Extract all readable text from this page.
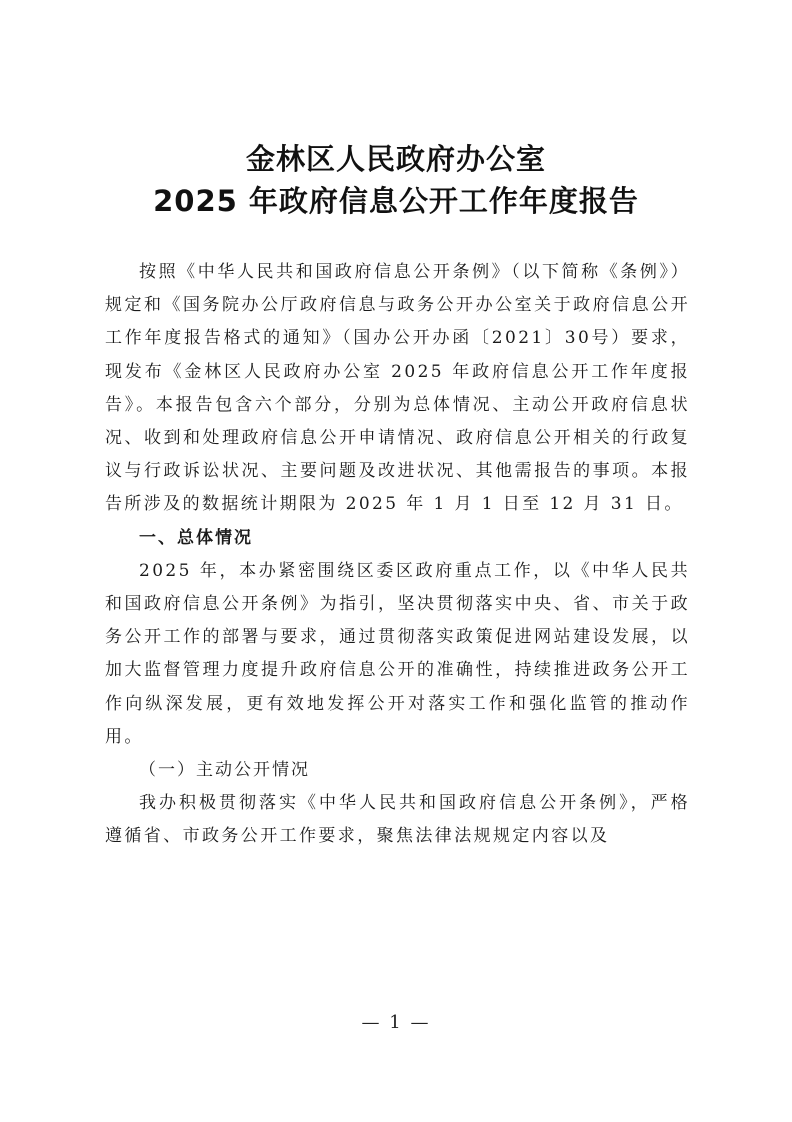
金林区人民政府办公室
2025 年政府信息公开工作年度报告

按照《中华人民共和国政府信息公开条例》（以下简称《条例》）规定和《国务院办公厅政府信息与政务公开办公室关于政府信息公开工作年度报告格式的通知》（国办公开办函〔2021〕30号）要求，现发布《金林区人民政府办公室 2025 年政府信息公开工作年度报告》。本报告包含六个部分，分别为总体情况、主动公开政府信息状况、收到和处理政府信息公开申请情况、政府信息公开相关的行政复议与行政诉讼状况、主要问题及改进状况、其他需报告的事项。本报告所涉及的数据统计期限为 2025 年 1 月 1 日至 12 月 31 日。

一、总体情况

2025 年，本办紧密围绕区委区政府重点工作，以《中华人民共和国政府信息公开条例》为指引，坚决贯彻落实中央、省、市关于政务公开工作的部署与要求，通过贯彻落实政策促进网站建设发展，以加大监督管理力度提升政府信息公开的准确性，持续推进政务公开工作向纵深发展，更有效地发挥公开对落实工作和强化监管的推动作用。

（一）主动公开情况

我办积极贯彻落实《中华人民共和国政府信息公开条例》，严格遵循省、市政务公开工作要求，聚焦法律法规规定内容以及

— 1 —
